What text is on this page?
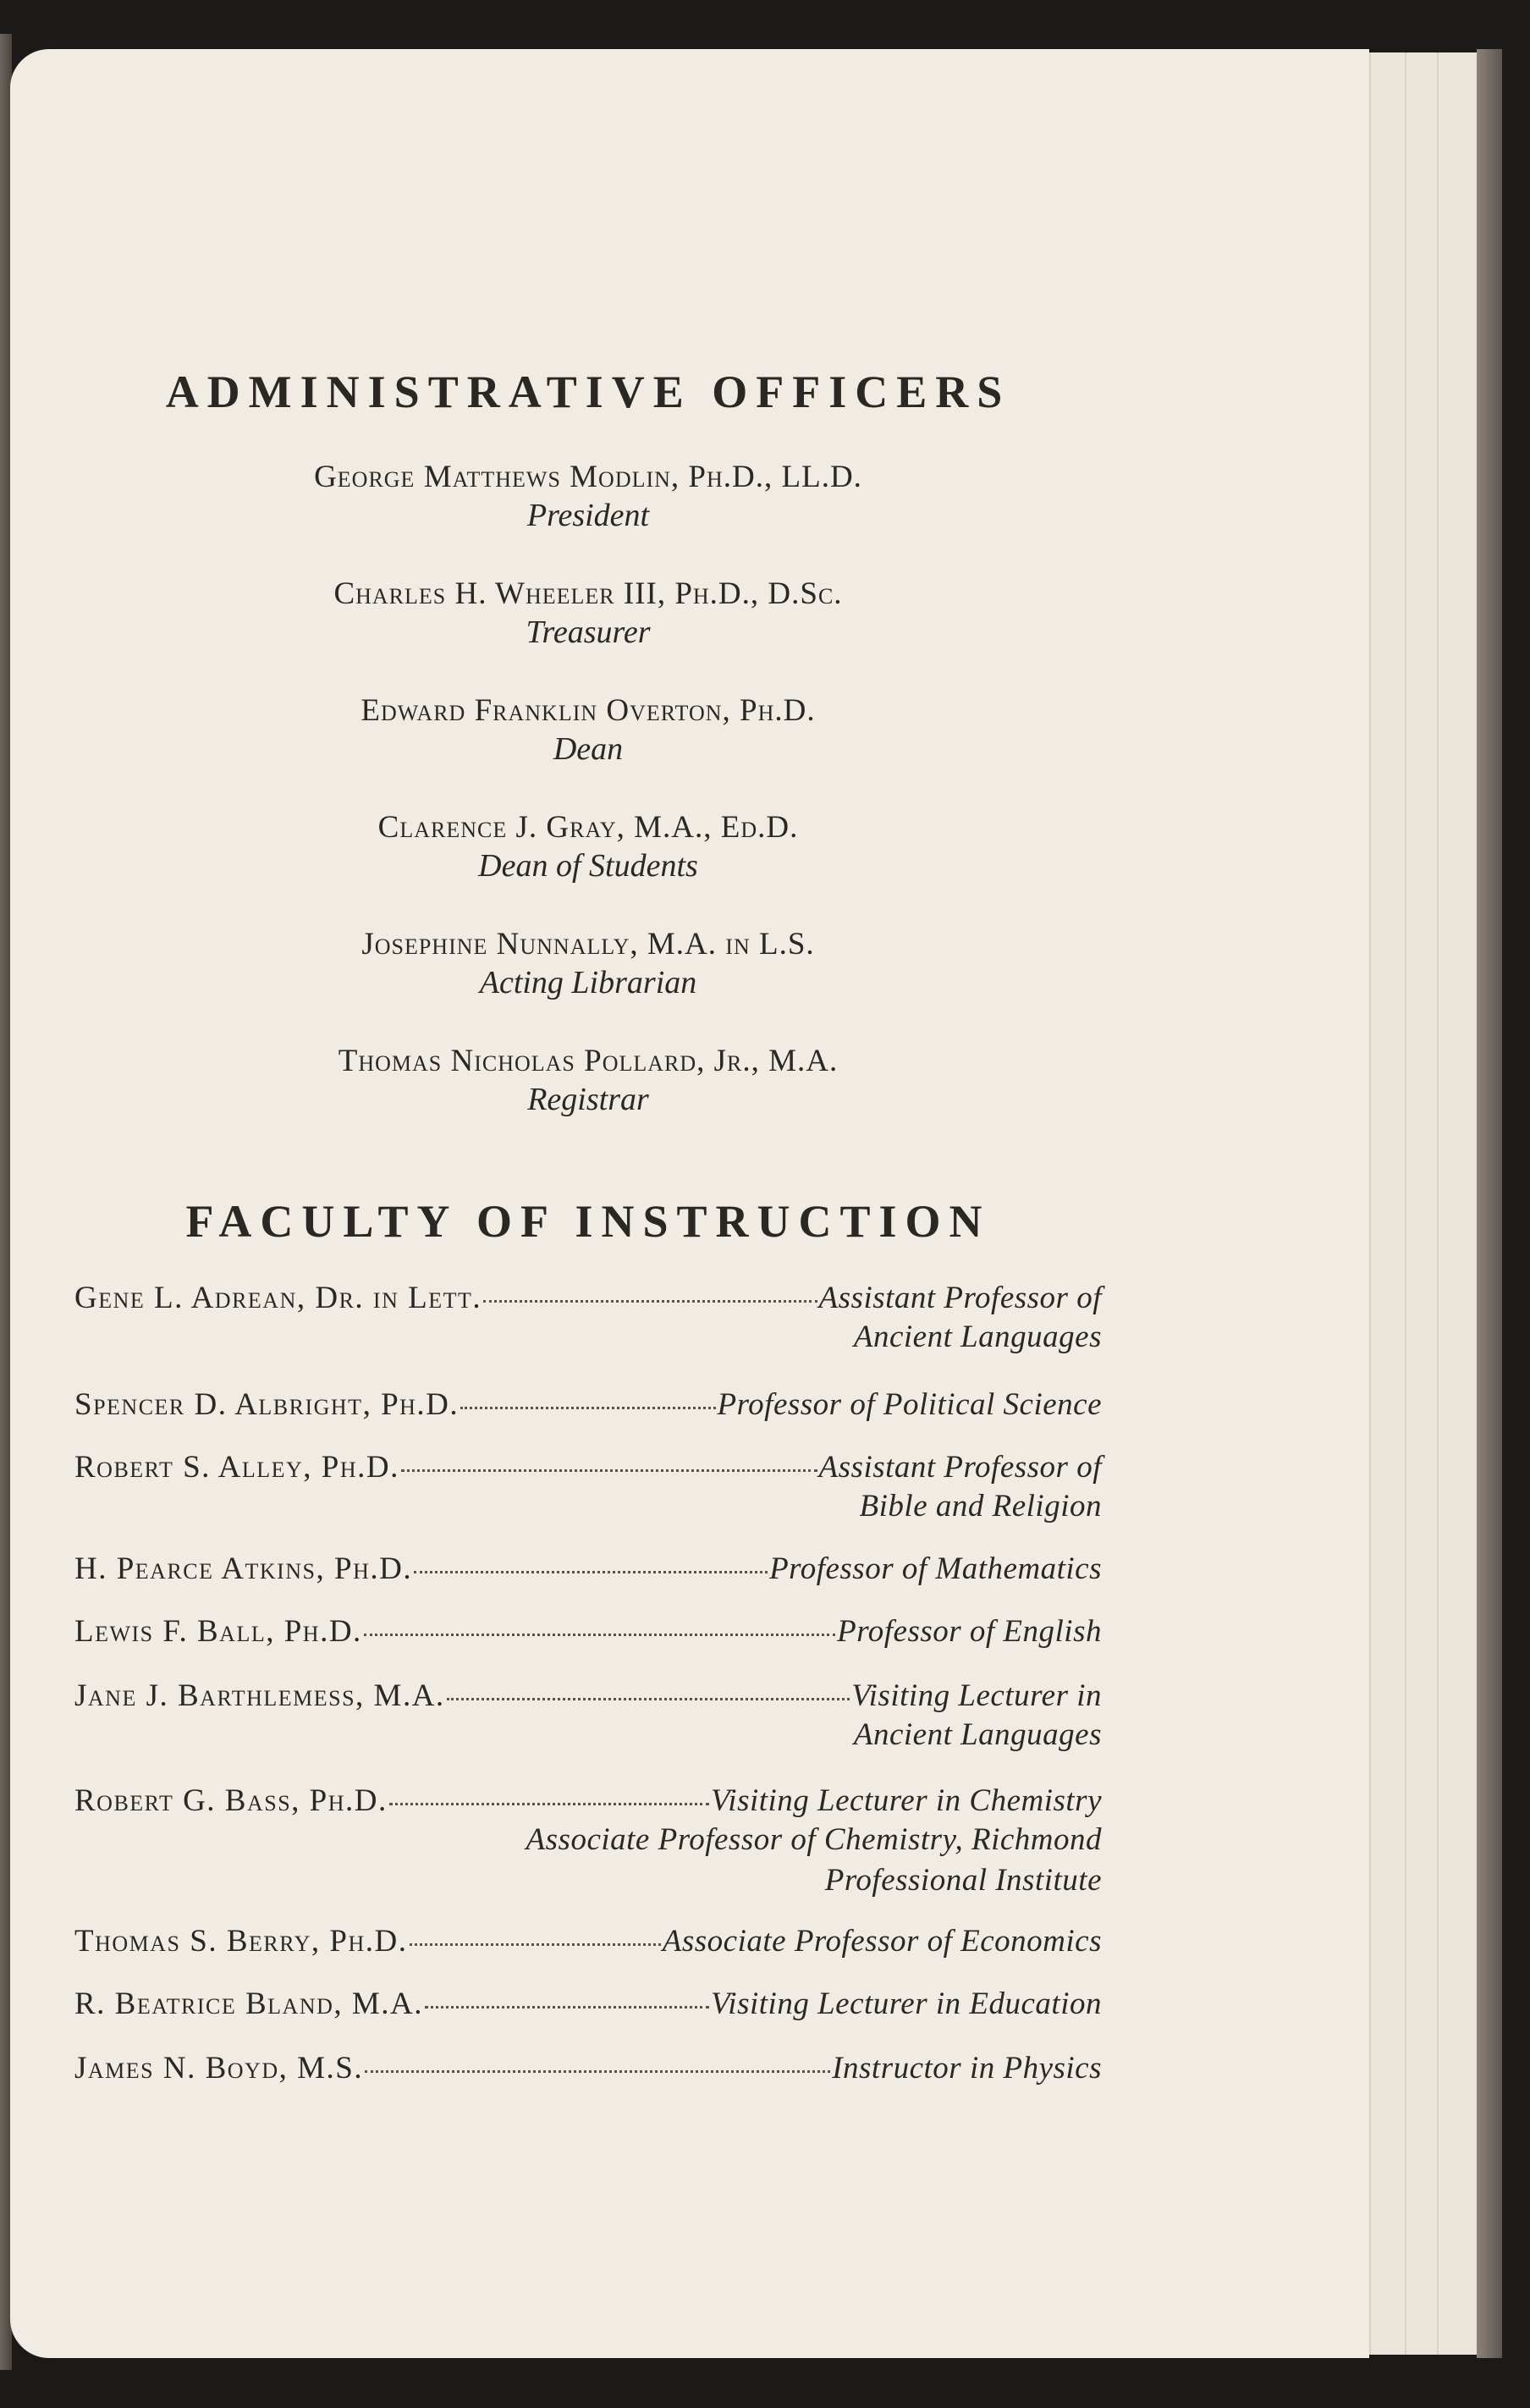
ADMINISTRATIVE OFFICERS
George Matthews Modlin, Ph.D., LL.D.
President
Charles H. Wheeler III, Ph.D., D.Sc.
Treasurer
Edward Franklin Overton, Ph.D.
Dean
Clarence J. Gray, M.A., Ed.D.
Dean of Students
Josephine Nunnally, M.A. in L.S.
Acting Librarian
Thomas Nicholas Pollard, Jr., M.A.
Registrar
FACULTY OF INSTRUCTION
Gene L. Adrean, Dr. in Lett.	Assistant Professor of
Ancient Languages
Spencer D. Albright, Ph.D.	Professor of Political Science
Robert S. Alley, Ph.D.	Assistant Professor of
Bible and Religion
H. Pearce Atkins, Ph.D.	Professor of Mathematics
Lewis F. Ball, Ph.D.	Professor of English
Jane J. Barthlemess, M.A.	Visiting Lecturer in
Ancient Languages
Robert G. Bass, Ph.D.	Visiting Lecturer in Chemistry
Associate Professor of Chemistry, Richmond
Professional Institute
Thomas S. Berry, Ph.D.	Associate Professor of Economics
R. Beatrice Bland, M.A.	Visiting Lecturer in Education
James N. Boyd, M.S.	Instructor in Physics
